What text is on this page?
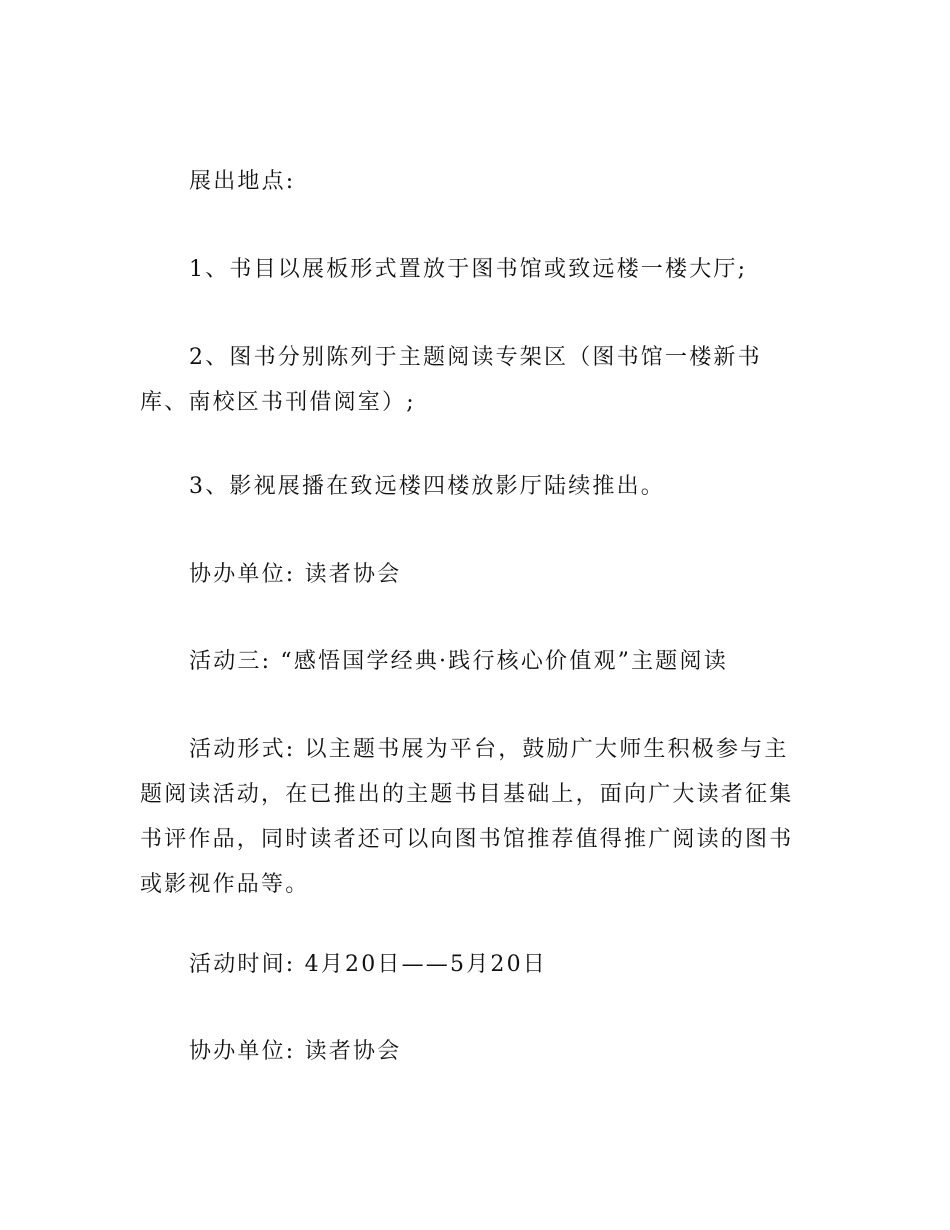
展出地点:

1、书目以展板形式置放于图书馆或致远楼一楼大厅;

2、图书分别陈列于主题阅读专架区（图书馆一楼新书
库、南校区书刊借阅室）;

3、影视展播在致远楼四楼放影厅陆续推出。

协办单位: 读者协会

活动三: “感悟国学经典·践行核心价值观”主题阅读

活动形式: 以主题书展为平台，鼓励广大师生积极参与主
题阅读活动，在已推出的主题书目基础上，面向广大读者征集
书评作品，同时读者还可以向图书馆推荐值得推广阅读的图书
或影视作品等。

活动时间: 4月20日——5月20日

协办单位: 读者协会
